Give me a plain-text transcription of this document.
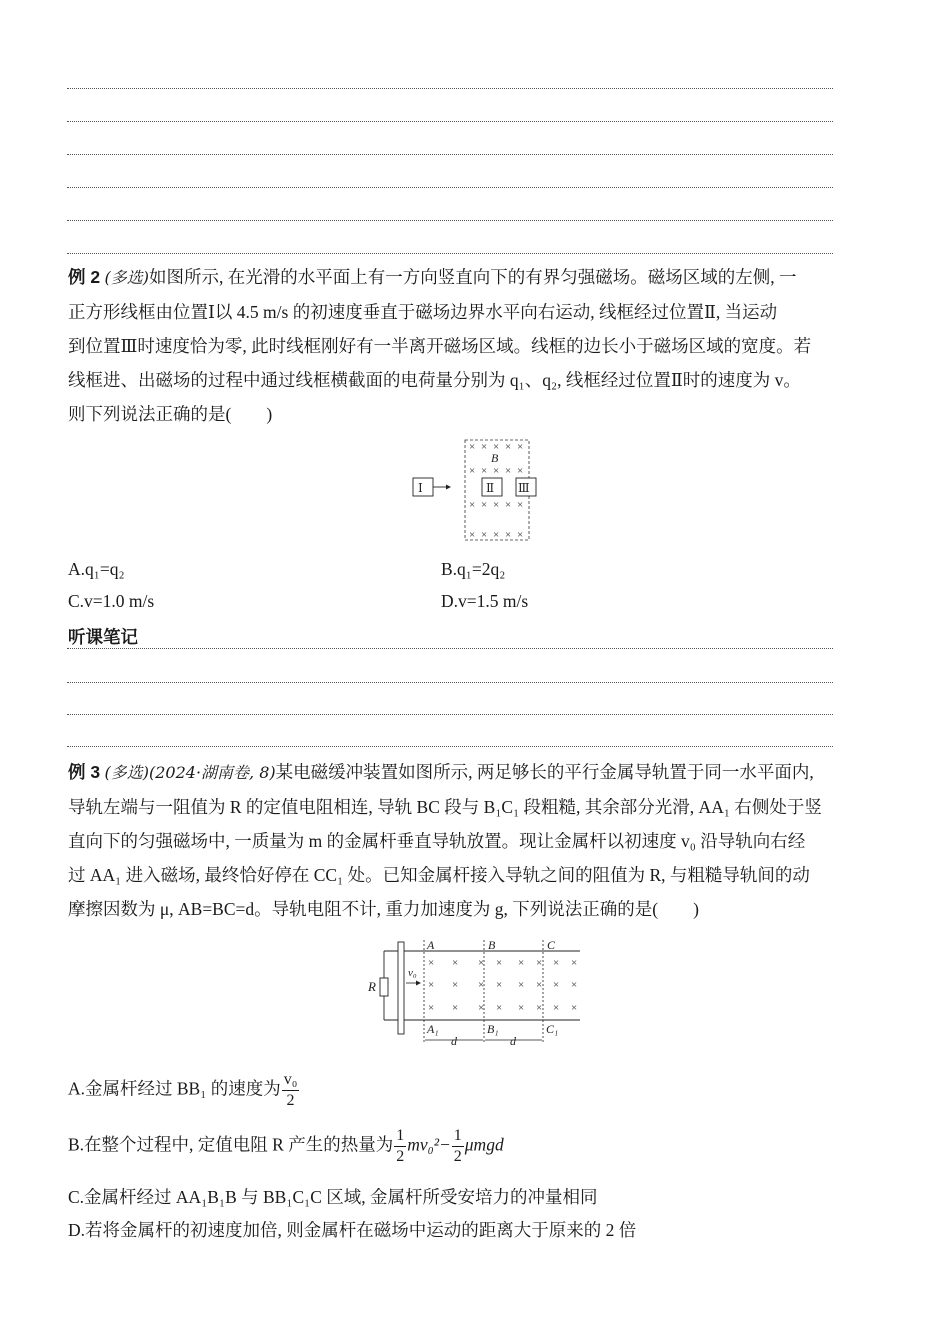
例 2 (多选)如图所示, 在光滑的水平面上有一方向竖直向下的有界匀强磁场。磁场区域的左侧, 一
正方形线框由位置Ⅰ以 4.5 m/s 的初速度垂直于磁场边界水平向右运动, 线框经过位置Ⅱ, 当运动
到位置Ⅲ时速度恰为零, 此时线框刚好有一半离开磁场区域。线框的边长小于磁场区域的宽度。若
线框进、出磁场的过程中通过线框横截面的电荷量分别为 q₁、q₂, 线框经过位置Ⅱ时的速度为 v。
则下列说法正确的是(　　)
× × × × ×
× × × × ×
× × × × ×
× × × × ×
B
Ⅰ	Ⅱ Ⅲ
A.q₁=q₂	B.q₁=2q₂
C.v=1.0 m/s	D.v=1.5 m/s
听课笔记
例 3 (多选)(2024·湖南卷, 8)某电磁缓冲装置如图所示, 两足够长的平行金属导轨置于同一水平面内,
导轨左端与一阻值为 R 的定值电阻相连, 导轨 BC 段与 B₁C₁ 段粗糙, 其余部分光滑, AA₁ 右侧处于竖
直向下的匀强磁场中, 一质量为 m 的金属杆垂直导轨放置。现让金属杆以初速度 v₀ 沿导轨向右经
过 AA₁ 进入磁场, 最终恰好停在 CC₁ 处。已知金属杆接入导轨之间的阻值为 R, 与粗糙导轨间的动
摩擦因数为 μ, AB=BC=d。导轨电阻不计, 重力加速度为 g, 下列说法正确的是(　　)
R
v₀
A	B	C
A₁	B₁	C₁
× × × × × × × ×
× × × × × × × ×
× × × × × × × ×
d	d
A.金属杆经过 BB₁ 的速度为 $\frac{\text{v₀}}{2}$
B.在整个过程中, 定值电阻 R 产生的热量为 $\frac{1}{2} mv_0^2- \frac{1}{2}$ μmgd
C.金属杆经过 AA₁B₁B 与 BB₁C₁C 区域, 金属杆所受安培力的冲量相同
D.若将金属杆的初速度加倍, 则金属杆在磁场中运动的距离大于原来的 2 倍
